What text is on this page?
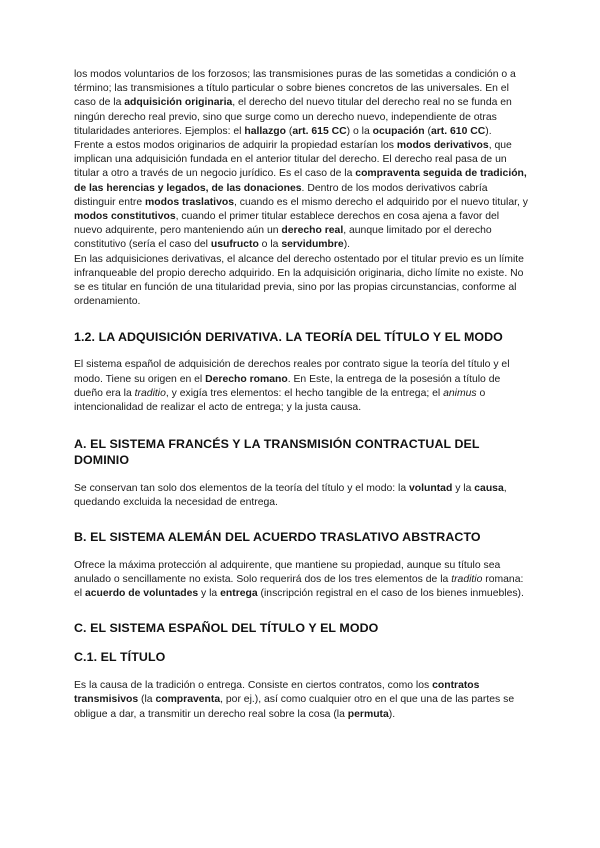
los modos voluntarios de los forzosos; las transmisiones puras de las sometidas a condición o a término; las transmisiones a título particular o sobre bienes concretos de las universales. En el caso de la adquisición originaria, el derecho del nuevo titular del derecho real no se funda en ningún derecho real previo, sino que surge como un derecho nuevo, independiente de otras titularidades anteriores. Ejemplos: el hallazgo (art. 615 CC) o la ocupación (art. 610 CC).

Frente a estos modos originarios de adquirir la propiedad estarían los modos derivativos, que implican una adquisición fundada en el anterior titular del derecho. El derecho real pasa de un titular a otro a través de un negocio jurídico. Es el caso de la compraventa seguida de tradición, de las herencias y legados, de las donaciones. Dentro de los modos derivativos cabría distinguir entre modos traslativos, cuando es el mismo derecho el adquirido por el nuevo titular, y modos constitutivos, cuando el primer titular establece derechos en cosa ajena a favor del nuevo adquirente, pero manteniendo aún un derecho real, aunque limitado por el derecho constitutivo (sería el caso del usufructo o la servidumbre).

En las adquisiciones derivativas, el alcance del derecho ostentado por el titular previo es un límite infranqueable del propio derecho adquirido. En la adquisición originaria, dicho límite no existe. No se es titular en función de una titularidad previa, sino por las propias circunstancias, conforme al ordenamiento.

1.2. LA ADQUISICIÓN DERIVATIVA. LA TEORÍA DEL TÍTULO Y EL MODO

El sistema español de adquisición de derechos reales por contrato sigue la teoría del título y el modo. Tiene su origen en el Derecho romano. En Este, la entrega de la posesión a título de dueño era la traditio, y exigía tres elementos: el hecho tangible de la entrega; el animus o intencionalidad de realizar el acto de entrega; y la justa causa.

A. EL SISTEMA FRANCÉS Y LA TRANSMISIÓN CONTRACTUAL DEL DOMINIO

Se conservan tan solo dos elementos de la teoría del título y el modo: la voluntad y la causa, quedando excluida la necesidad de entrega.

B. EL SISTEMA ALEMÁN DEL ACUERDO TRASLATIVO ABSTRACTO

Ofrece la máxima protección al adquirente, que mantiene su propiedad, aunque su título sea anulado o sencillamente no exista. Solo requerirá dos de los tres elementos de la traditio romana: el acuerdo de voluntades y la entrega (inscripción registral en el caso de los bienes inmuebles).

C. EL SISTEMA ESPAÑOL DEL TÍTULO Y EL MODO
C.1. EL TÍTULO

Es la causa de la tradición o entrega. Consiste en ciertos contratos, como los contratos transmisivos (la compraventa, por ej.), así como cualquier otro en el que una de las partes se obligue a dar, a transmitir un derecho real sobre la cosa (la permuta).
